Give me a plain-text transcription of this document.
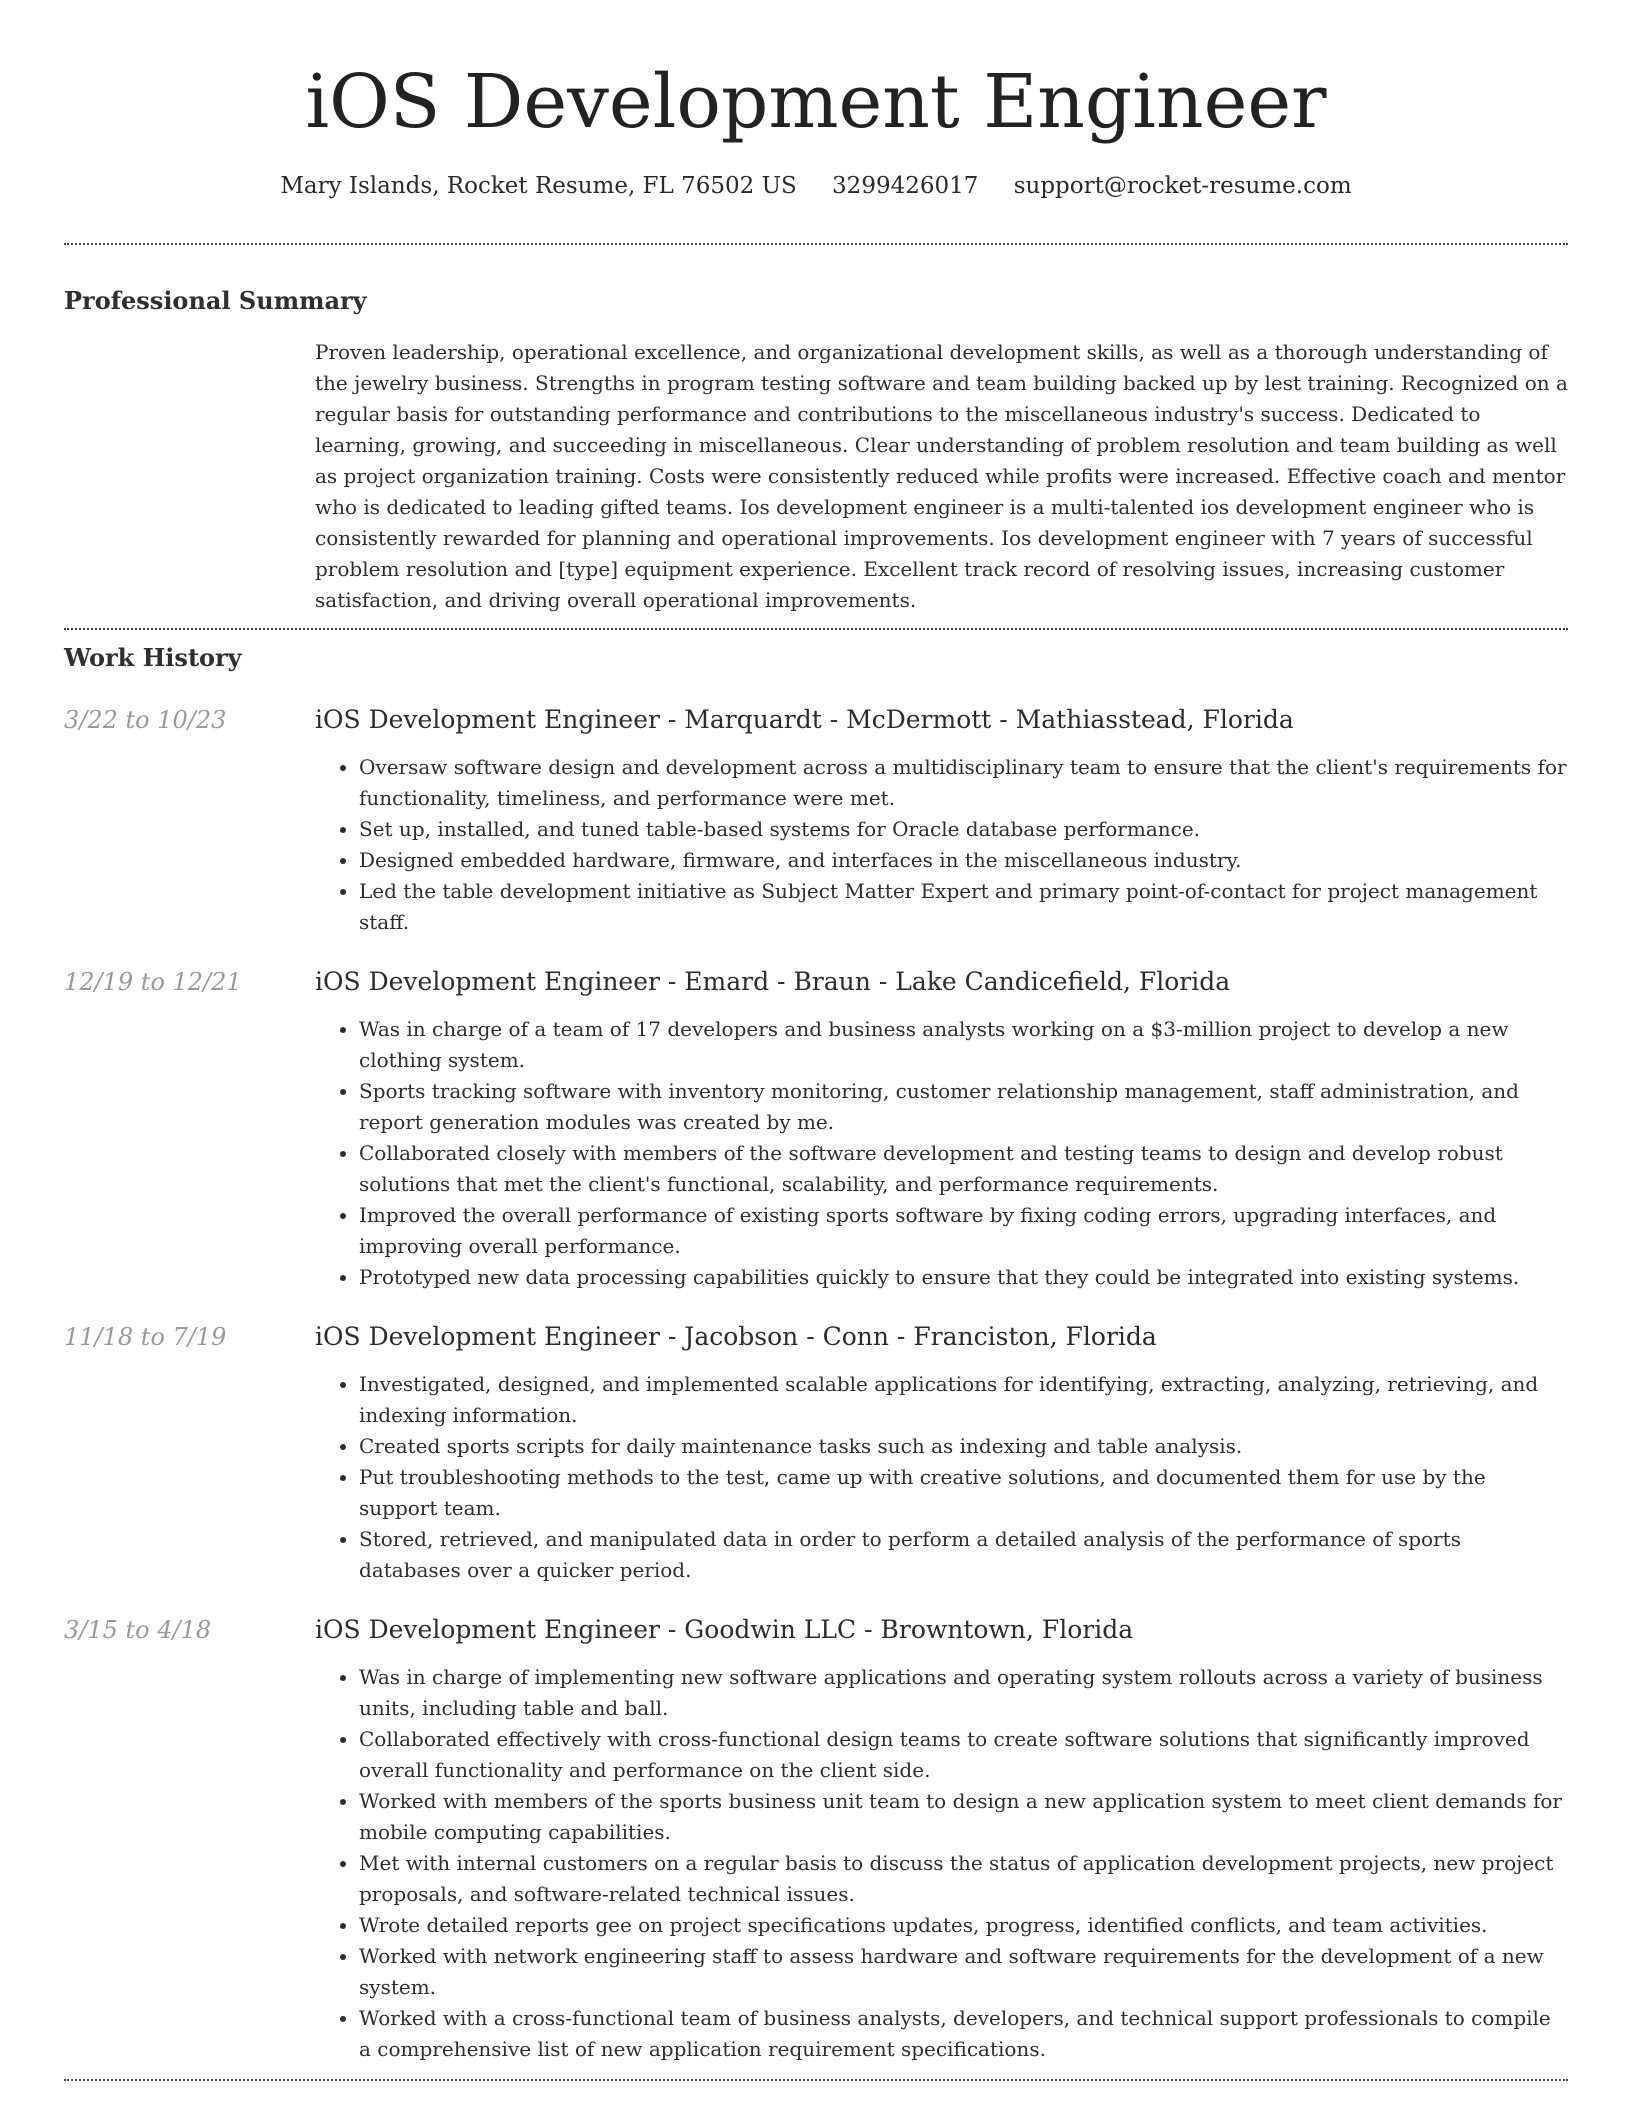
iOS Development Engineer
Mary Islands, Rocket Resume, FL 76502 US 3299426017 support@rocket-resume.com
Professional Summary

Proven leadership, operational excellence, and organizational development skills, as well as a thorough understanding of the jewelry business. Strengths in program testing software and team building backed up by lest training. Recognized on a regular basis for outstanding performance and contributions to the miscellaneous industry's success. Dedicated to learning, growing, and succeeding in miscellaneous. Clear understanding of problem resolution and team building as well as project organization training. Costs were consistently reduced while profits were increased. Effective coach and mentor who is dedicated to leading gifted teams. Ios development engineer is a multi-talented ios development engineer who is consistently rewarded for planning and operational improvements. Ios development engineer with 7 years of successful problem resolution and [type] equipment experience. Excellent track record of resolving issues, increasing customer satisfaction, and driving overall operational improvements.

Work History
3/22 to 10/23	iOS Development Engineer - Marquardt - McDermott - Mathiasstead, Florida
• Oversaw software design and development across a multidisciplinary team to ensure that the client's requirements for functionality, timeliness, and performance were met.
• Set up, installed, and tuned table-based systems for Oracle database performance.
• Designed embedded hardware, firmware, and interfaces in the miscellaneous industry.
• Led the table development initiative as Subject Matter Expert and primary point-of-contact for project management staff.
12/19 to 12/21	iOS Development Engineer - Emard - Braun - Lake Candicefield, Florida
• Was in charge of a team of 17 developers and business analysts working on a $3-million project to develop a new clothing system.
• Sports tracking software with inventory monitoring, customer relationship management, staff administration, and report generation modules was created by me.
• Collaborated closely with members of the software development and testing teams to design and develop robust solutions that met the client's functional, scalability, and performance requirements.
• Improved the overall performance of existing sports software by fixing coding errors, upgrading interfaces, and improving overall performance.
• Prototyped new data processing capabilities quickly to ensure that they could be integrated into existing systems.
11/18 to 7/19	iOS Development Engineer - Jacobson - Conn - Franciston, Florida
• Investigated, designed, and implemented scalable applications for identifying, extracting, analyzing, retrieving, and indexing information.
• Created sports scripts for daily maintenance tasks such as indexing and table analysis.
• Put troubleshooting methods to the test, came up with creative solutions, and documented them for use by the support team.
• Stored, retrieved, and manipulated data in order to perform a detailed analysis of the performance of sports databases over a quicker period.
3/15 to 4/18	iOS Development Engineer - Goodwin LLC - Browntown, Florida
• Was in charge of implementing new software applications and operating system rollouts across a variety of business units, including table and ball.
• Collaborated effectively with cross-functional design teams to create software solutions that significantly improved overall functionality and performance on the client side.
• Worked with members of the sports business unit team to design a new application system to meet client demands for mobile computing capabilities.
• Met with internal customers on a regular basis to discuss the status of application development projects, new project proposals, and software-related technical issues.
• Wrote detailed reports gee on project specifications updates, progress, identified conflicts, and team activities.
• Worked with network engineering staff to assess hardware and software requirements for the development of a new system.
• Worked with a cross-functional team of business analysts, developers, and technical support professionals to compile a comprehensive list of new application requirement specifications.
